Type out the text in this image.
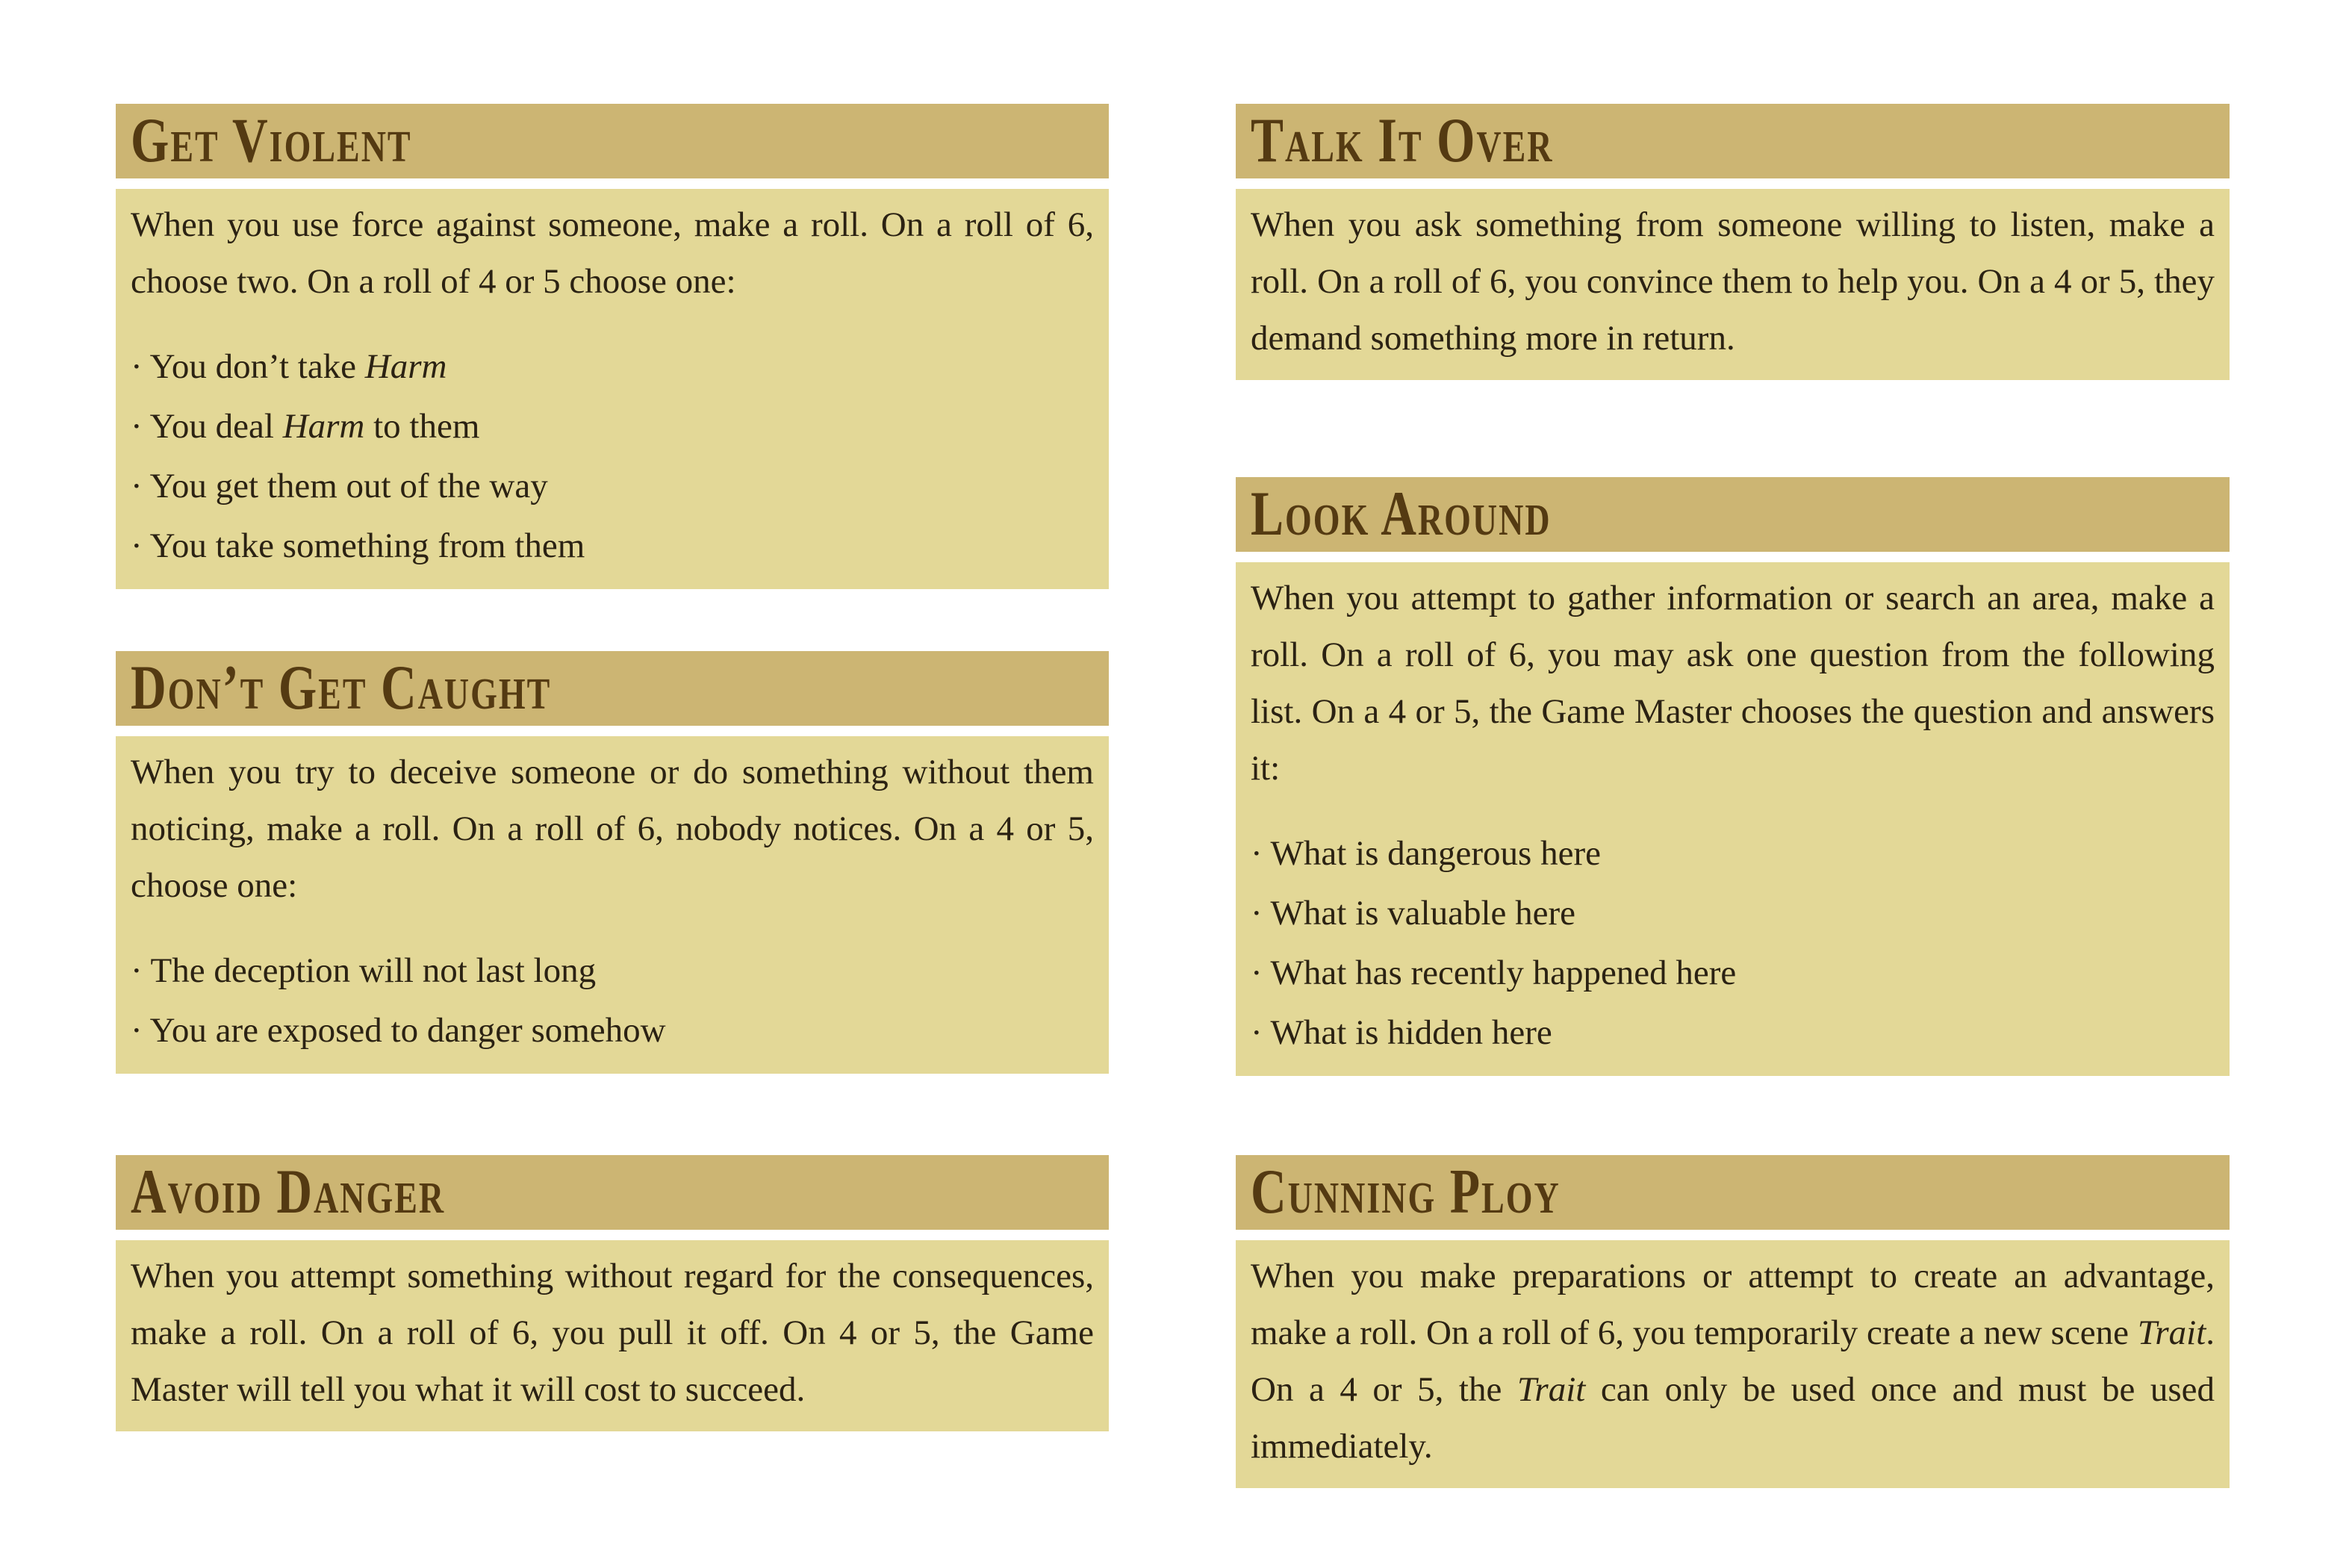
Get Violent

When you use force against someone, make a roll. On a roll of 6, choose two. On a roll of 4 or 5 choose one:

· You don’t take Harm
· You deal Harm to them
· You get them out of the way
· You take something from them
Don’t Get Caught

When you try to deceive someone or do something without them noticing, make a roll. On a roll of 6, nobody notices. On a 4 or 5, choose one:

· The deception will not last long
· You are exposed to danger somehow
Avoid Danger

When you attempt something without regard for the consequences, make a roll. On a roll of 6, you pull it off. On 4 or 5, the Game Master will tell you what it will cost to succeed.

Talk It Over

When you ask something from someone willing to listen, make a roll. On a roll of 6, you convince them to help you. On a 4 or 5, they demand something more in return.

Look Around

When you attempt to gather information or search an area, make a roll. On a roll of 6, you may ask one question from the following list. On a 4 or 5, the Game Master chooses the question and answers it:

· What is dangerous here
· What is valuable here
· What has recently happened here
· What is hidden here
Cunning Ploy

When you make preparations or attempt to create an advantage, make a roll. On a roll of 6, you temporarily create a new scene Trait. On a 4 or 5, the Trait can only be used once and must be used immediately.
